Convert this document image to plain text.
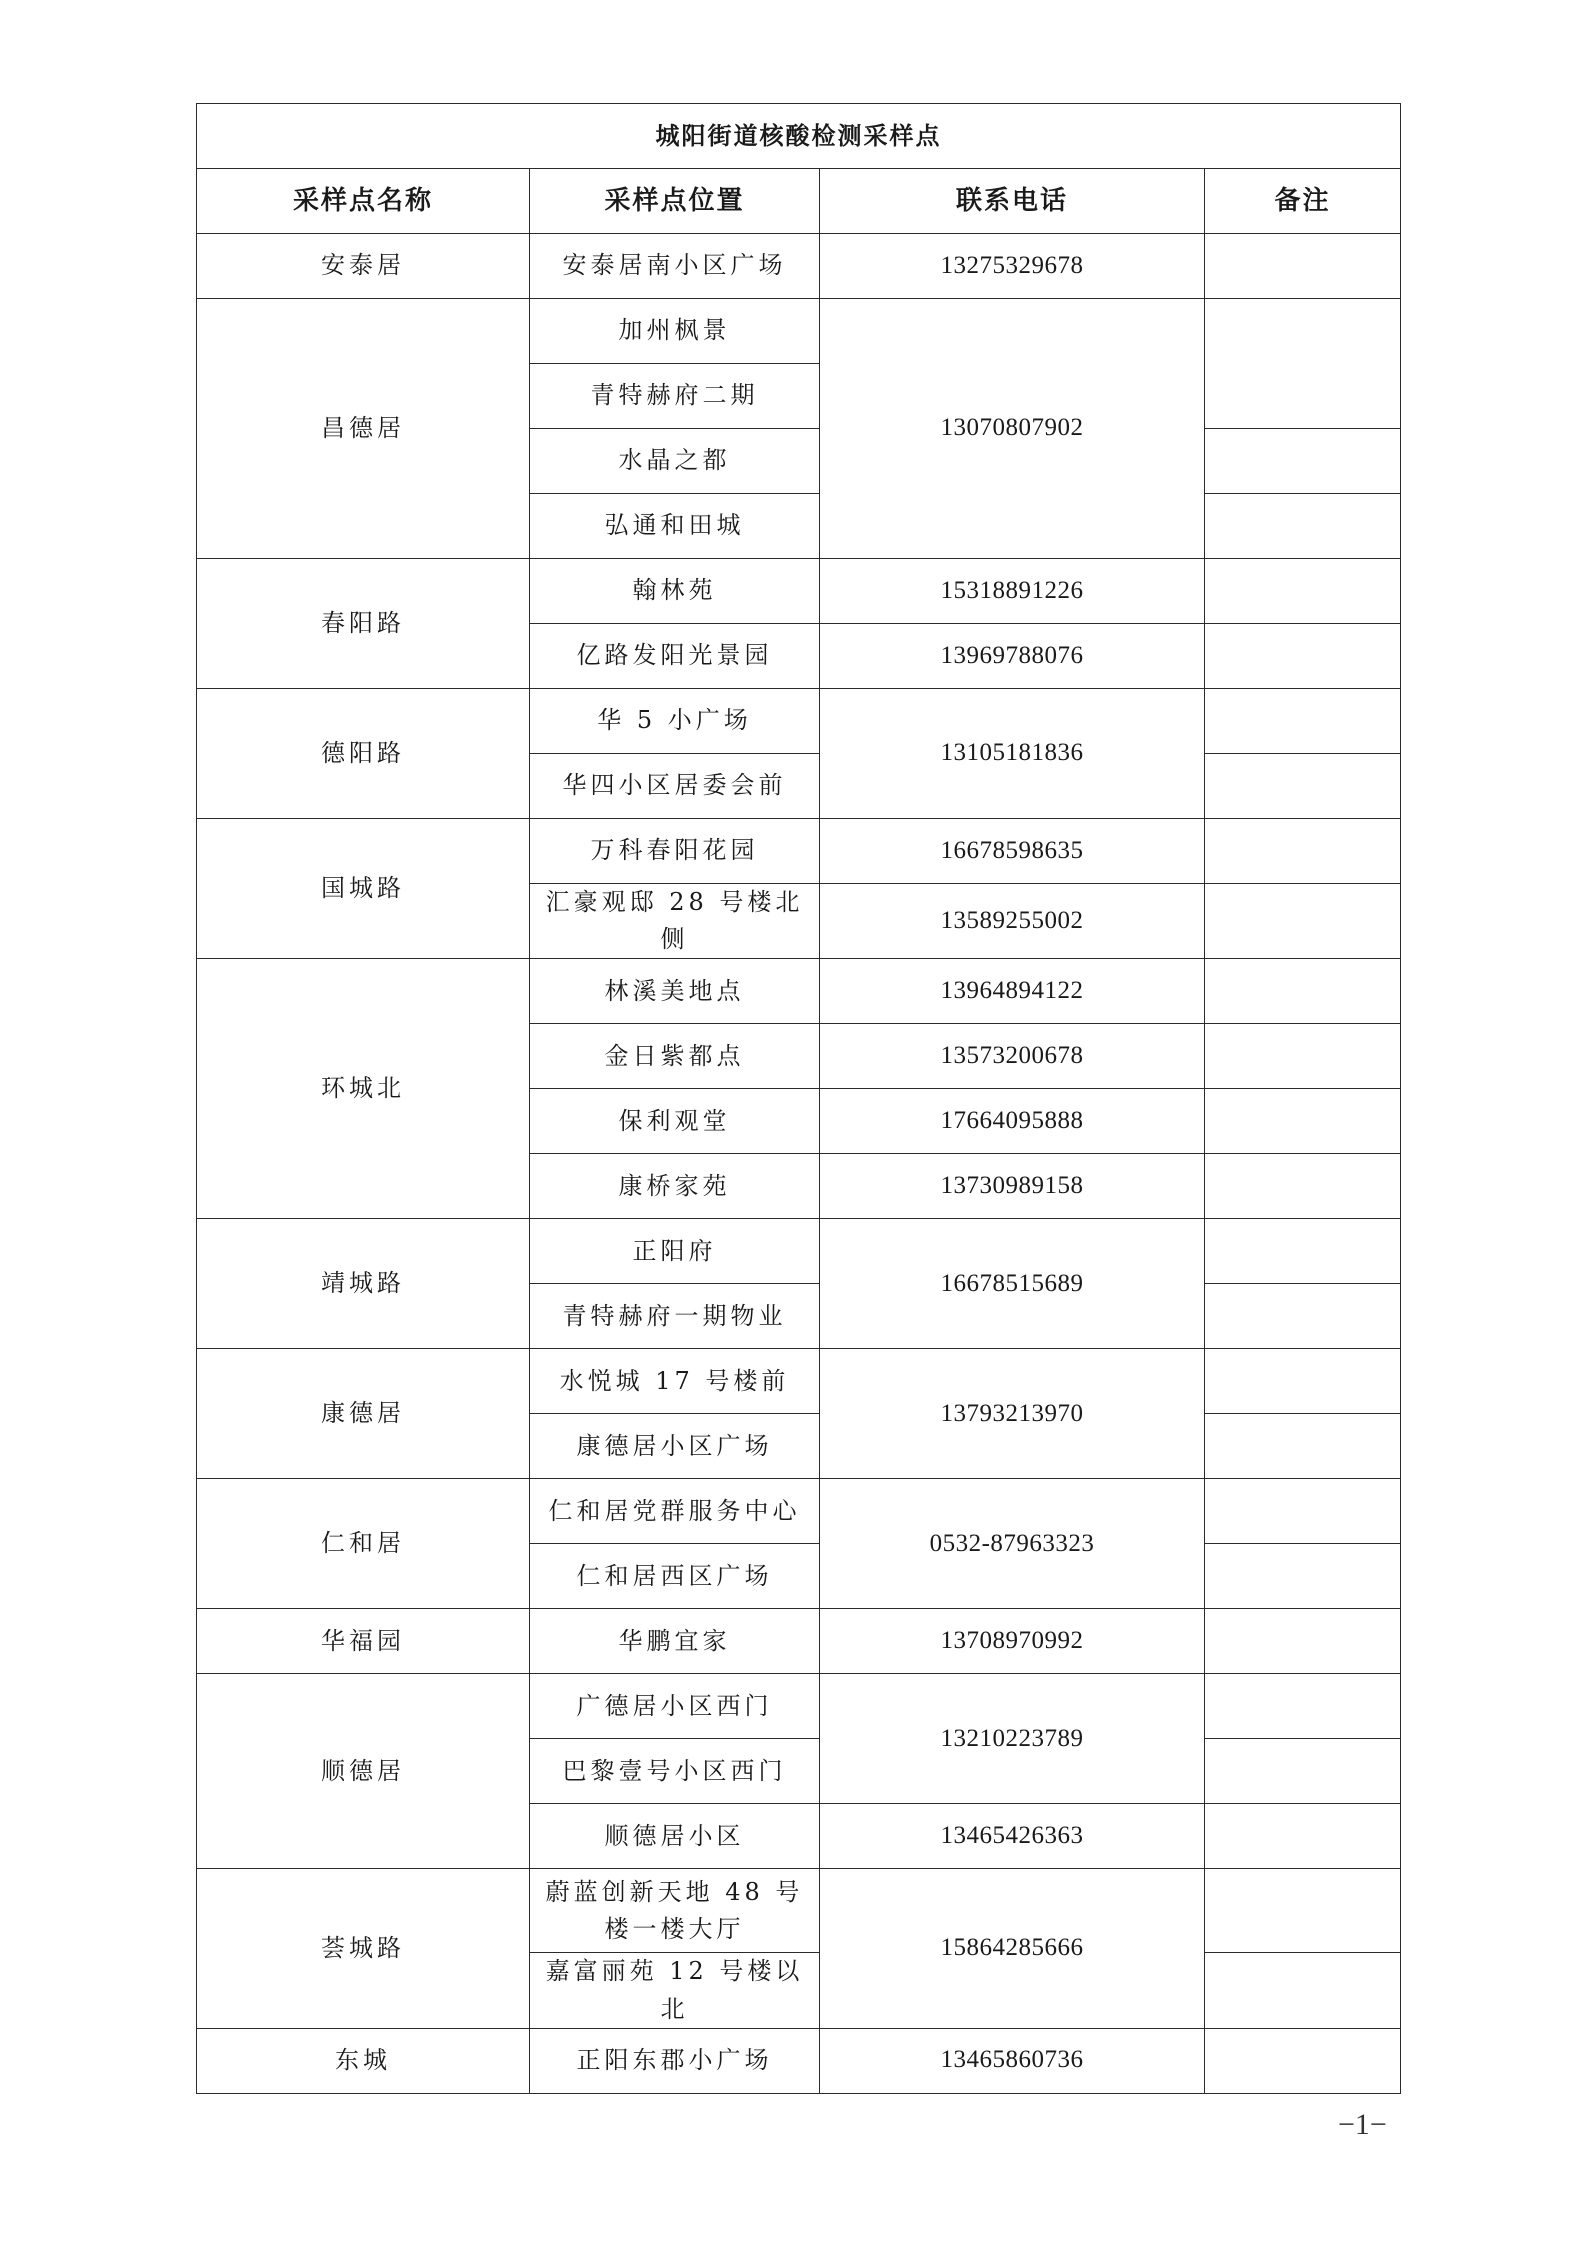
城阳街道核酸检测采样点			
采样点名称	采样点位置	联系电话	备注
安泰居	安泰居南小区广场	13275329678	
昌德居	加州枫景	13070807902	
	青特赫府二期		
	水晶之都		
	弘通和田城		
春阳路	翰林苑	15318891226	
	亿路发阳光景园	13969788076	
德阳路	华 5 小广场	13105181836	
	华四小区居委会前		
国城路	万科春阳花园	16678598635	
	汇豪观邸 28 号楼北侧	13589255002	
环城北	林溪美地点	13964894122	
	金日紫都点	13573200678	
	保利观堂	17664095888	
	康桥家苑	13730989158	
靖城路	正阳府	16678515689	
	青特赫府一期物业		
康德居	水悦城 17 号楼前	13793213970	
	康德居小区广场		
仁和居	仁和居党群服务中心	0532-87963323	
	仁和居西区广场		
华福园	华鹏宜家	13708970992	
顺德居	广德居小区西门	13210223789	
	巴黎壹号小区西门		
	顺德居小区	13465426363	
荟城路	蔚蓝创新天地 48 号楼一楼大厅	15864285666	
	嘉富丽苑 12 号楼以北		
东城	正阳东郡小广场	13465860736	
−1−
